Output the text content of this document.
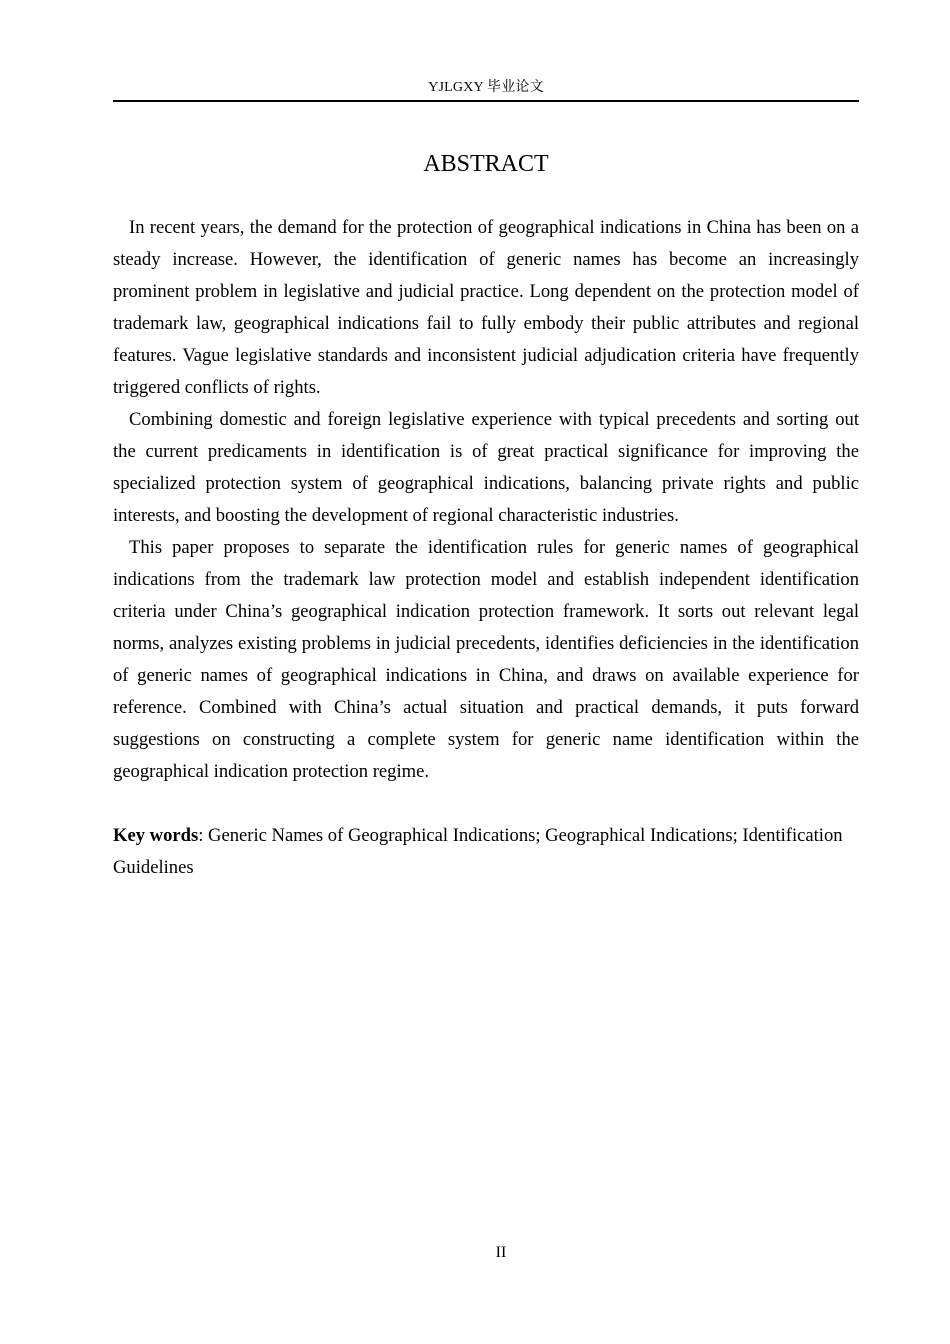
YJLGXY 毕业论文
ABSTRACT

In recent years, the demand for the protection of geographical indications in China has been on a steady increase. However, the identification of generic names has become an increasingly prominent problem in legislative and judicial practice. Long dependent on the protection model of trademark law, geographical indications fail to fully embody their public attributes and regional features. Vague legislative standards and inconsistent judicial adjudication criteria have frequently triggered conflicts of rights.

Combining domestic and foreign legislative experience with typical precedents and sorting out the current predicaments in identification is of great practical significance for improving the specialized protection system of geographical indications, balancing private rights and public interests, and boosting the development of regional characteristic industries.

This paper proposes to separate the identification rules for generic names of geographical indications from the trademark law protection model and establish independent identification criteria under China’s geographical indication protection framework. It sorts out relevant legal norms, analyzes existing problems in judicial precedents, identifies deficiencies in the identification of generic names of geographical indications in China, and draws on available experience for reference. Combined with China’s actual situation and practical demands, it puts forward suggestions on constructing a complete system for generic name identification within the geographical indication protection regime.

Key words: Generic Names of Geographical Indications; Geographical Indications; Identification Guidelines

II
